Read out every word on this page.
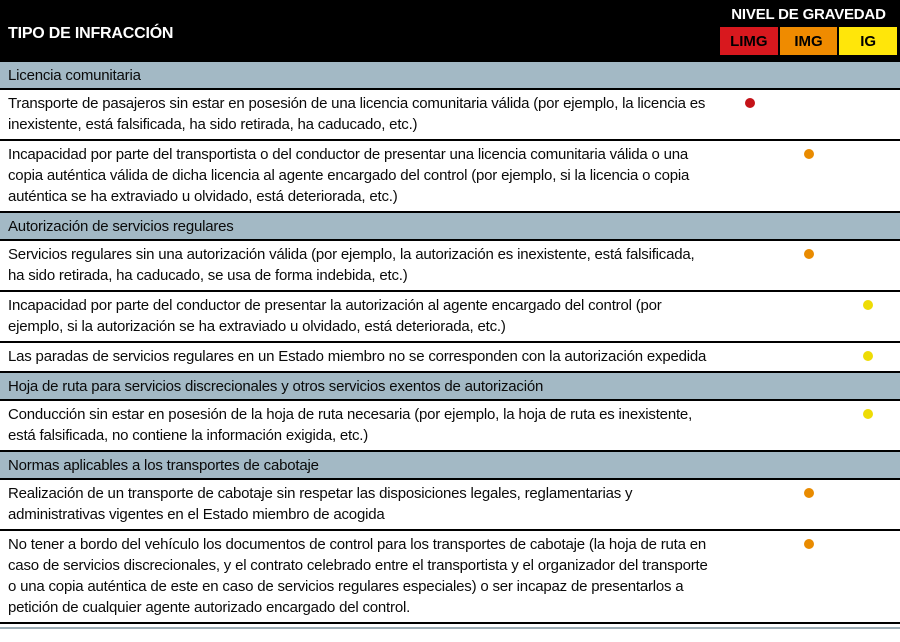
TIPO DE INFRACCIÓN
NIVEL DE GRAVEDAD
LIMG	IMG	IG
Licencia comunitaria
Transporte de pasajeros sin estar en posesión de una licencia comunitaria válida (por ejemplo, la licencia es inexistente, está falsificada, ha sido retirada, ha caducado, etc.)
Incapacidad por parte del transportista o del conductor de presentar una licencia comunitaria válida o una copia auténtica válida de dicha licencia al agente encargado del control (por ejemplo, si la licencia o copia auténtica se ha extraviado u olvidado, está deteriorada, etc.)
Autorización de servicios regulares
Servicios regulares sin una autorización válida (por ejemplo, la autorización es inexistente, está falsificada, ha sido retirada, ha caducado, se usa de forma indebida, etc.)
Incapacidad por parte del conductor de presentar la autorización al agente encargado del control (por ejemplo, si la autorización se ha extraviado u olvidado, está deteriorada, etc.)
Las paradas de servicios regulares en un Estado miembro no se corresponden con la autorización expedida
Hoja de ruta para servicios discrecionales y otros servicios exentos de autorización
Conducción sin estar en posesión de la hoja de ruta necesaria (por ejemplo, la hoja de ruta es inexistente, está falsificada, no contiene la información exigida, etc.)
Normas aplicables a los transportes de cabotaje
Realización de un transporte de cabotaje sin respetar las disposiciones legales, reglamentarias y administrativas vigentes en el Estado miembro de acogida
No tener a bordo del vehículo los documentos de control para los transportes de cabotaje (la hoja de ruta en caso de servicios discrecionales, y el contrato celebrado entre el transportista y el organizador del transporte o una copia auténtica de este en caso de servicios regulares especiales) o ser incapaz de presentarlos a petición de cualquier agente autorizado encargado del control.
